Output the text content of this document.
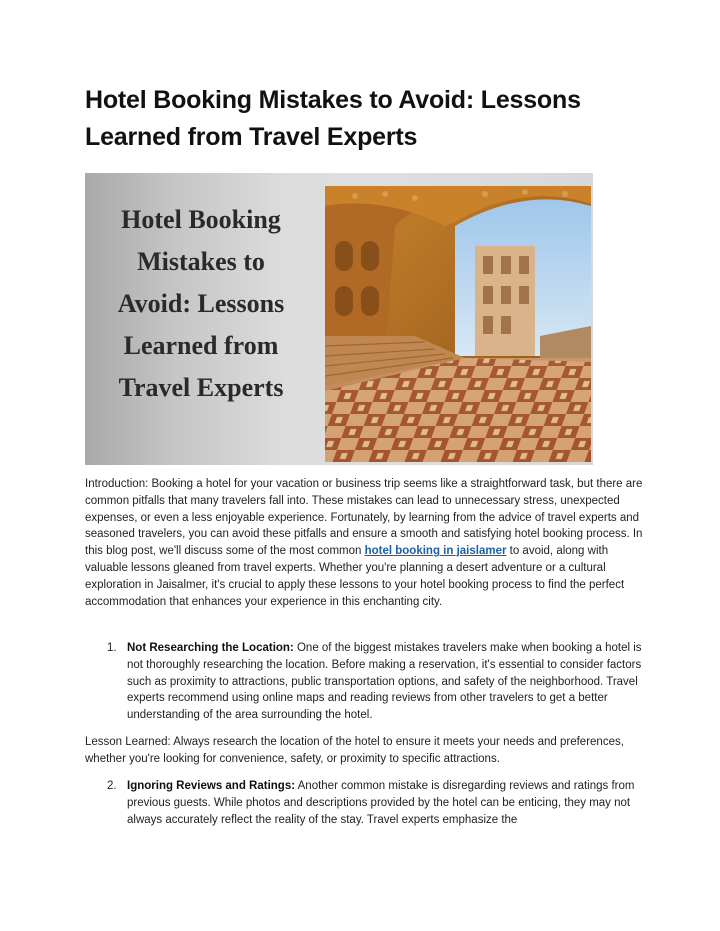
Hotel Booking Mistakes to Avoid: Lessons Learned from Travel Experts
Hotel Booking
Mistakes to
Avoid: Lessons
Learned from
Travel Experts

Introduction: Booking a hotel for your vacation or business trip seems like a straightforward task, but there are common pitfalls that many travelers fall into. These mistakes can lead to unnecessary stress, unexpected expenses, or even a less enjoyable experience. Fortunately, by learning from the advice of travel experts and seasoned travelers, you can avoid these pitfalls and ensure a smooth and satisfying hotel booking process. In this blog post, we'll discuss some of the most common hotel booking in jaislamer to avoid, along with valuable lessons gleaned from travel experts. Whether you're planning a desert adventure or a cultural exploration in Jaisalmer, it's crucial to apply these lessons to your hotel booking process to find the perfect accommodation that enhances your experience in this enchanting city.

1. Not Researching the Location: One of the biggest mistakes travelers make when booking a hotel is not thoroughly researching the location. Before making a reservation, it's essential to consider factors such as proximity to attractions, public transportation options, and safety of the neighborhood. Travel experts recommend using online maps and reading reviews from other travelers to get a better understanding of the area surrounding the hotel.

Lesson Learned: Always research the location of the hotel to ensure it meets your needs and preferences, whether you're looking for convenience, safety, or proximity to specific attractions.

2. Ignoring Reviews and Ratings: Another common mistake is disregarding reviews and ratings from previous guests. While photos and descriptions provided by the hotel can be enticing, they may not always accurately reflect the reality of the stay. Travel experts emphasize the
